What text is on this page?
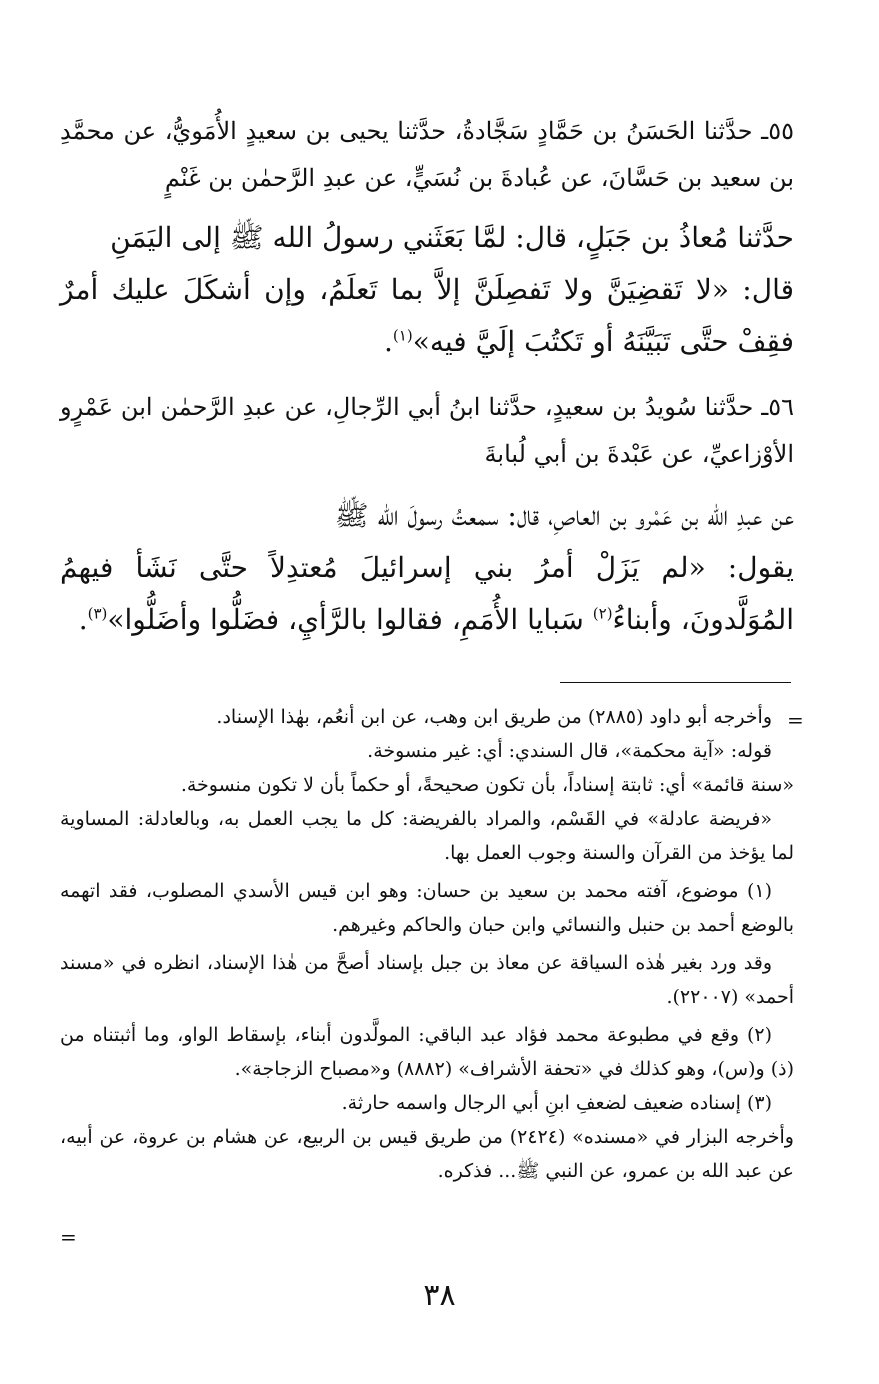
٥٥ـ حدَّثنا الحَسَنُ بن حَمَّادٍ سَجَّادةُ، حدَّثنا يحيى بن سعيدٍ الأُمَويُّ، عن محمَّدِ بن سعيد بن حَسَّانَ، عن عُبادةَ بن نُسَيٍّ، عن عبدِ الرَّحمٰن بن غَنْمٍ

حدَّثنا مُعاذُ بن جَبَلٍ، قال: لمَّا بَعَثَني رسولُ الله ﷺ إلى اليَمَنِ

قال: «لا تَقضِيَنَّ ولا تَفصِلَنَّ إلاَّ بما تَعلَمُ، وإن أشكَلَ عليك أمرٌ فقِفْ حتَّى تَبَيَّنَهُ أو تَكتُبَ إلَيَّ فيه»$^{(١)}$.

٥٦ـ حدَّثنا سُويدُ بن سعيدٍ، حدَّثنا ابنُ أبي الرِّجالِ، عن عبدِ الرَّحمٰن ابن عَمْرٍو الأوْزاعيِّ، عن عَبْدةَ بن أبي لُبابةَ

عن عبدِ الله بن عَمْرو بن العاصِ، قال: سمعتُ رسولَ الله ﷺ

يقول: «لم يَزَلْ أمرُ بني إسرائيلَ مُعتدِلاً حتَّى نَشَأ فيهمُ المُوَلَّدونَ، وأبناءُ$^{(٢)}$ سَبايا الأُمَمِ، فقالوا بالرَّأيِ، فضَلُّوا وأضَلُّوا»$^{(٣)}$.

=

وأخرجه أبو داود (٢٨٨٥) من طريق ابن وهب، عن ابن أنعُم، بهٰذا الإسناد.

قوله: «آية محكمة»، قال السندي: أي: غير منسوخة.

«سنة قائمة» أي: ثابتة إسناداً، بأن تكون صحيحةً، أو حكماً بأن لا تكون منسوخة.

«فريضة عادلة» في القَسْم، والمراد بالفريضة: كل ما يجب العمل به، وبالعادلة: المساوية لما يؤخذ من القرآن والسنة وجوب العمل بها.

(١) موضوع، آفته محمد بن سعيد بن حسان: وهو ابن قيس الأسدي المصلوب، فقد اتهمه بالوضع أحمد بن حنبل والنسائي وابن حبان والحاكم وغيرهم.

وقد ورد بغير هٰذه السياقة عن معاذ بن جبل بإسناد أصحَّ من هٰذا الإسناد، انظره في «مسند أحمد» (٢٢٠٠٧).

(٢) وقع في مطبوعة محمد فؤاد عبد الباقي: المولَّدون أبناء، بإسقاط الواو، وما أثبتناه من (ذ) و(س)، وهو كذلك في «تحفة الأشراف» (٨٨٨٢) و«مصباح الزجاجة».

(٣) إسناده ضعيف لضعفِ ابنِ أبي الرجال واسمه حارثة.

وأخرجه البزار في «مسنده» (٢٤٢٤) من طريق قيس بن الربيع، عن هشام بن عروة، عن أبيه، عن عبد الله بن عمرو، عن النبي ﷺ... فذكره.

=
٣٨
